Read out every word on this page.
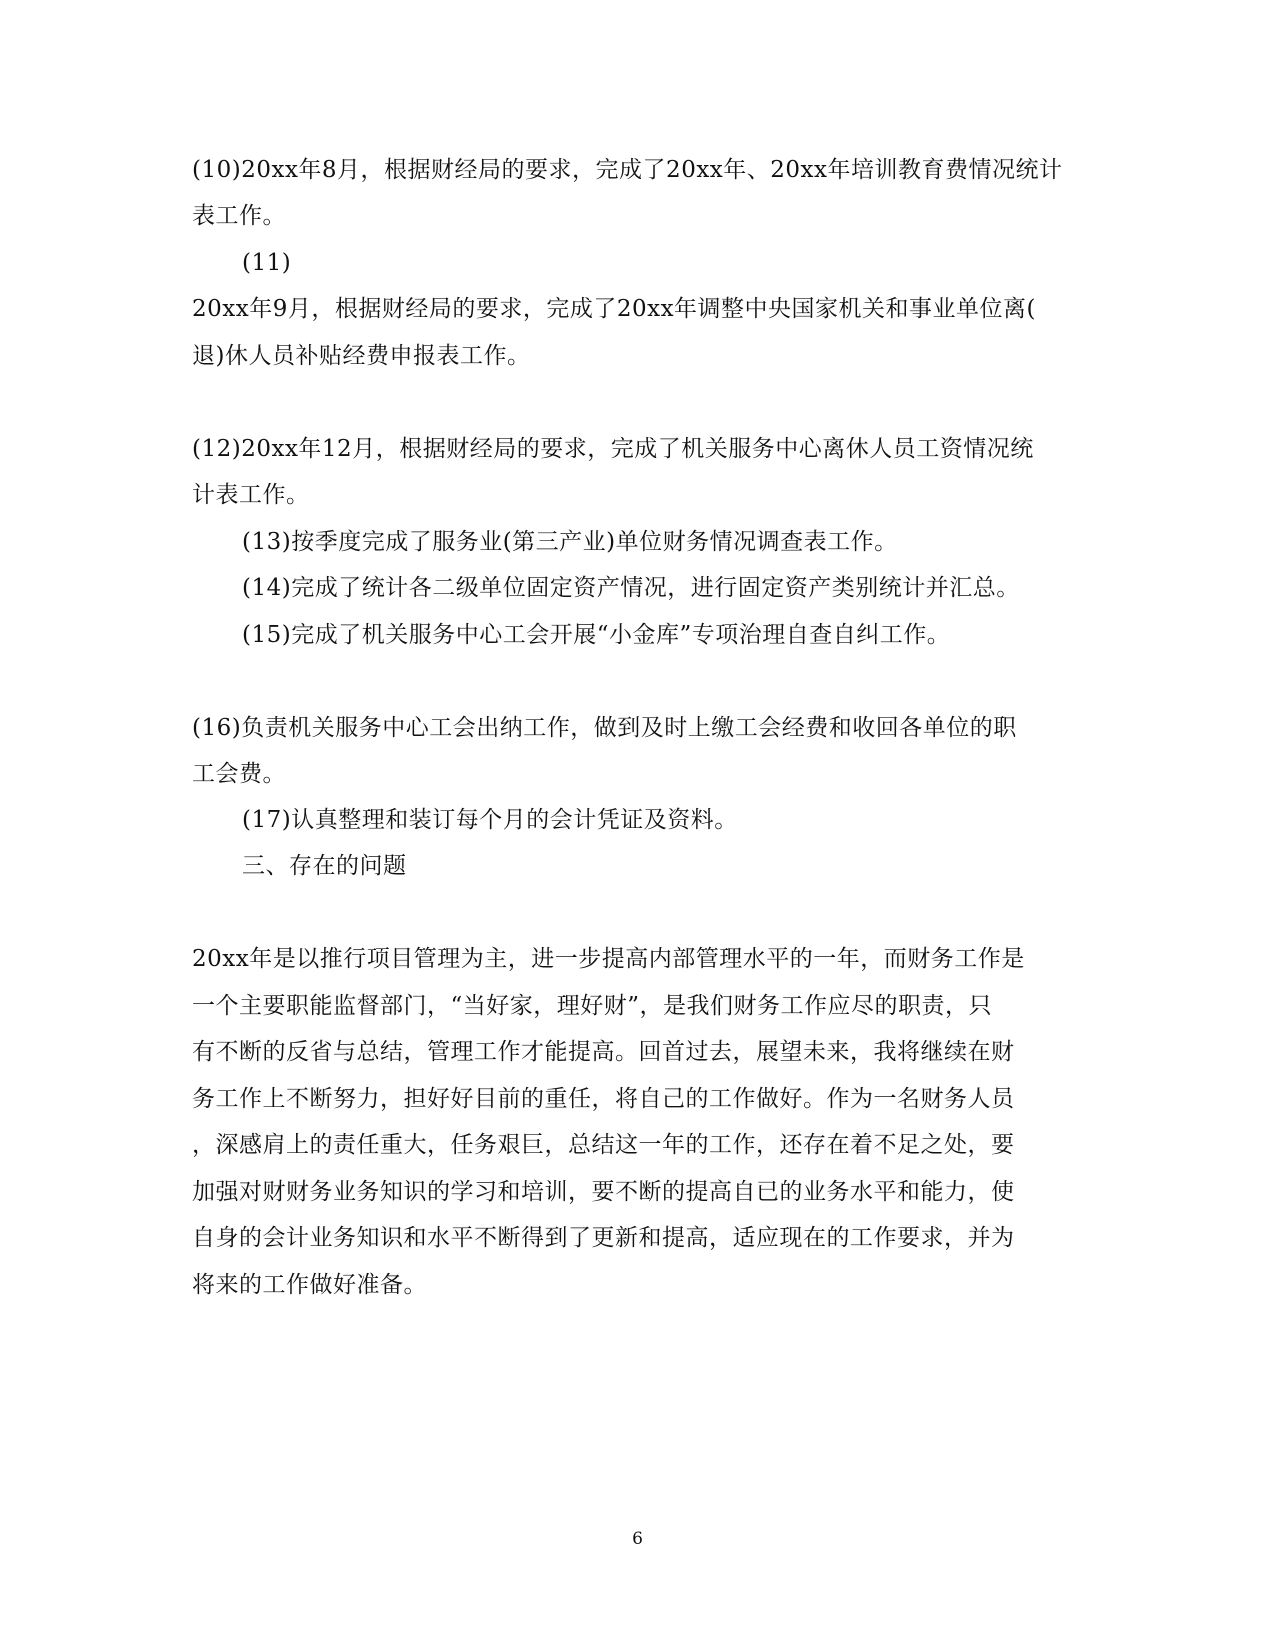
(10)20xx年8月，根据财经局的要求，完成了20xx年、20xx年培训教育费情况统计
表工作。
(11)
20xx年9月，根据财经局的要求，完成了20xx年调整中央国家机关和事业单位离(
退)休人员补贴经费申报表工作。
(12)20xx年12月，根据财经局的要求，完成了机关服务中心离休人员工资情况统
计表工作。
(13)按季度完成了服务业(第三产业)单位财务情况调查表工作。
(14)完成了统计各二级单位固定资产情况，进行固定资产类别统计并汇总。
(15)完成了机关服务中心工会开展“小金库”专项治理自查自纠工作。
(16)负责机关服务中心工会出纳工作，做到及时上缴工会经费和收回各单位的职
工会费。
(17)认真整理和装订每个月的会计凭证及资料。
三、存在的问题
20xx年是以推行项目管理为主，进一步提高内部管理水平的一年，而财务工作是
一个主要职能监督部门，“当好家，理好财”，是我们财务工作应尽的职责，只
有不断的反省与总结，管理工作才能提高。回首过去，展望未来，我将继续在财
务工作上不断努力，担好好目前的重任，将自己的工作做好。作为一名财务人员
，深感肩上的责任重大，任务艰巨，总结这一年的工作，还存在着不足之处，要
加强对财财务业务知识的学习和培训，要不断的提高自已的业务水平和能力，使
自身的会计业务知识和水平不断得到了更新和提高，适应现在的工作要求，并为
将来的工作做好准备。
6
